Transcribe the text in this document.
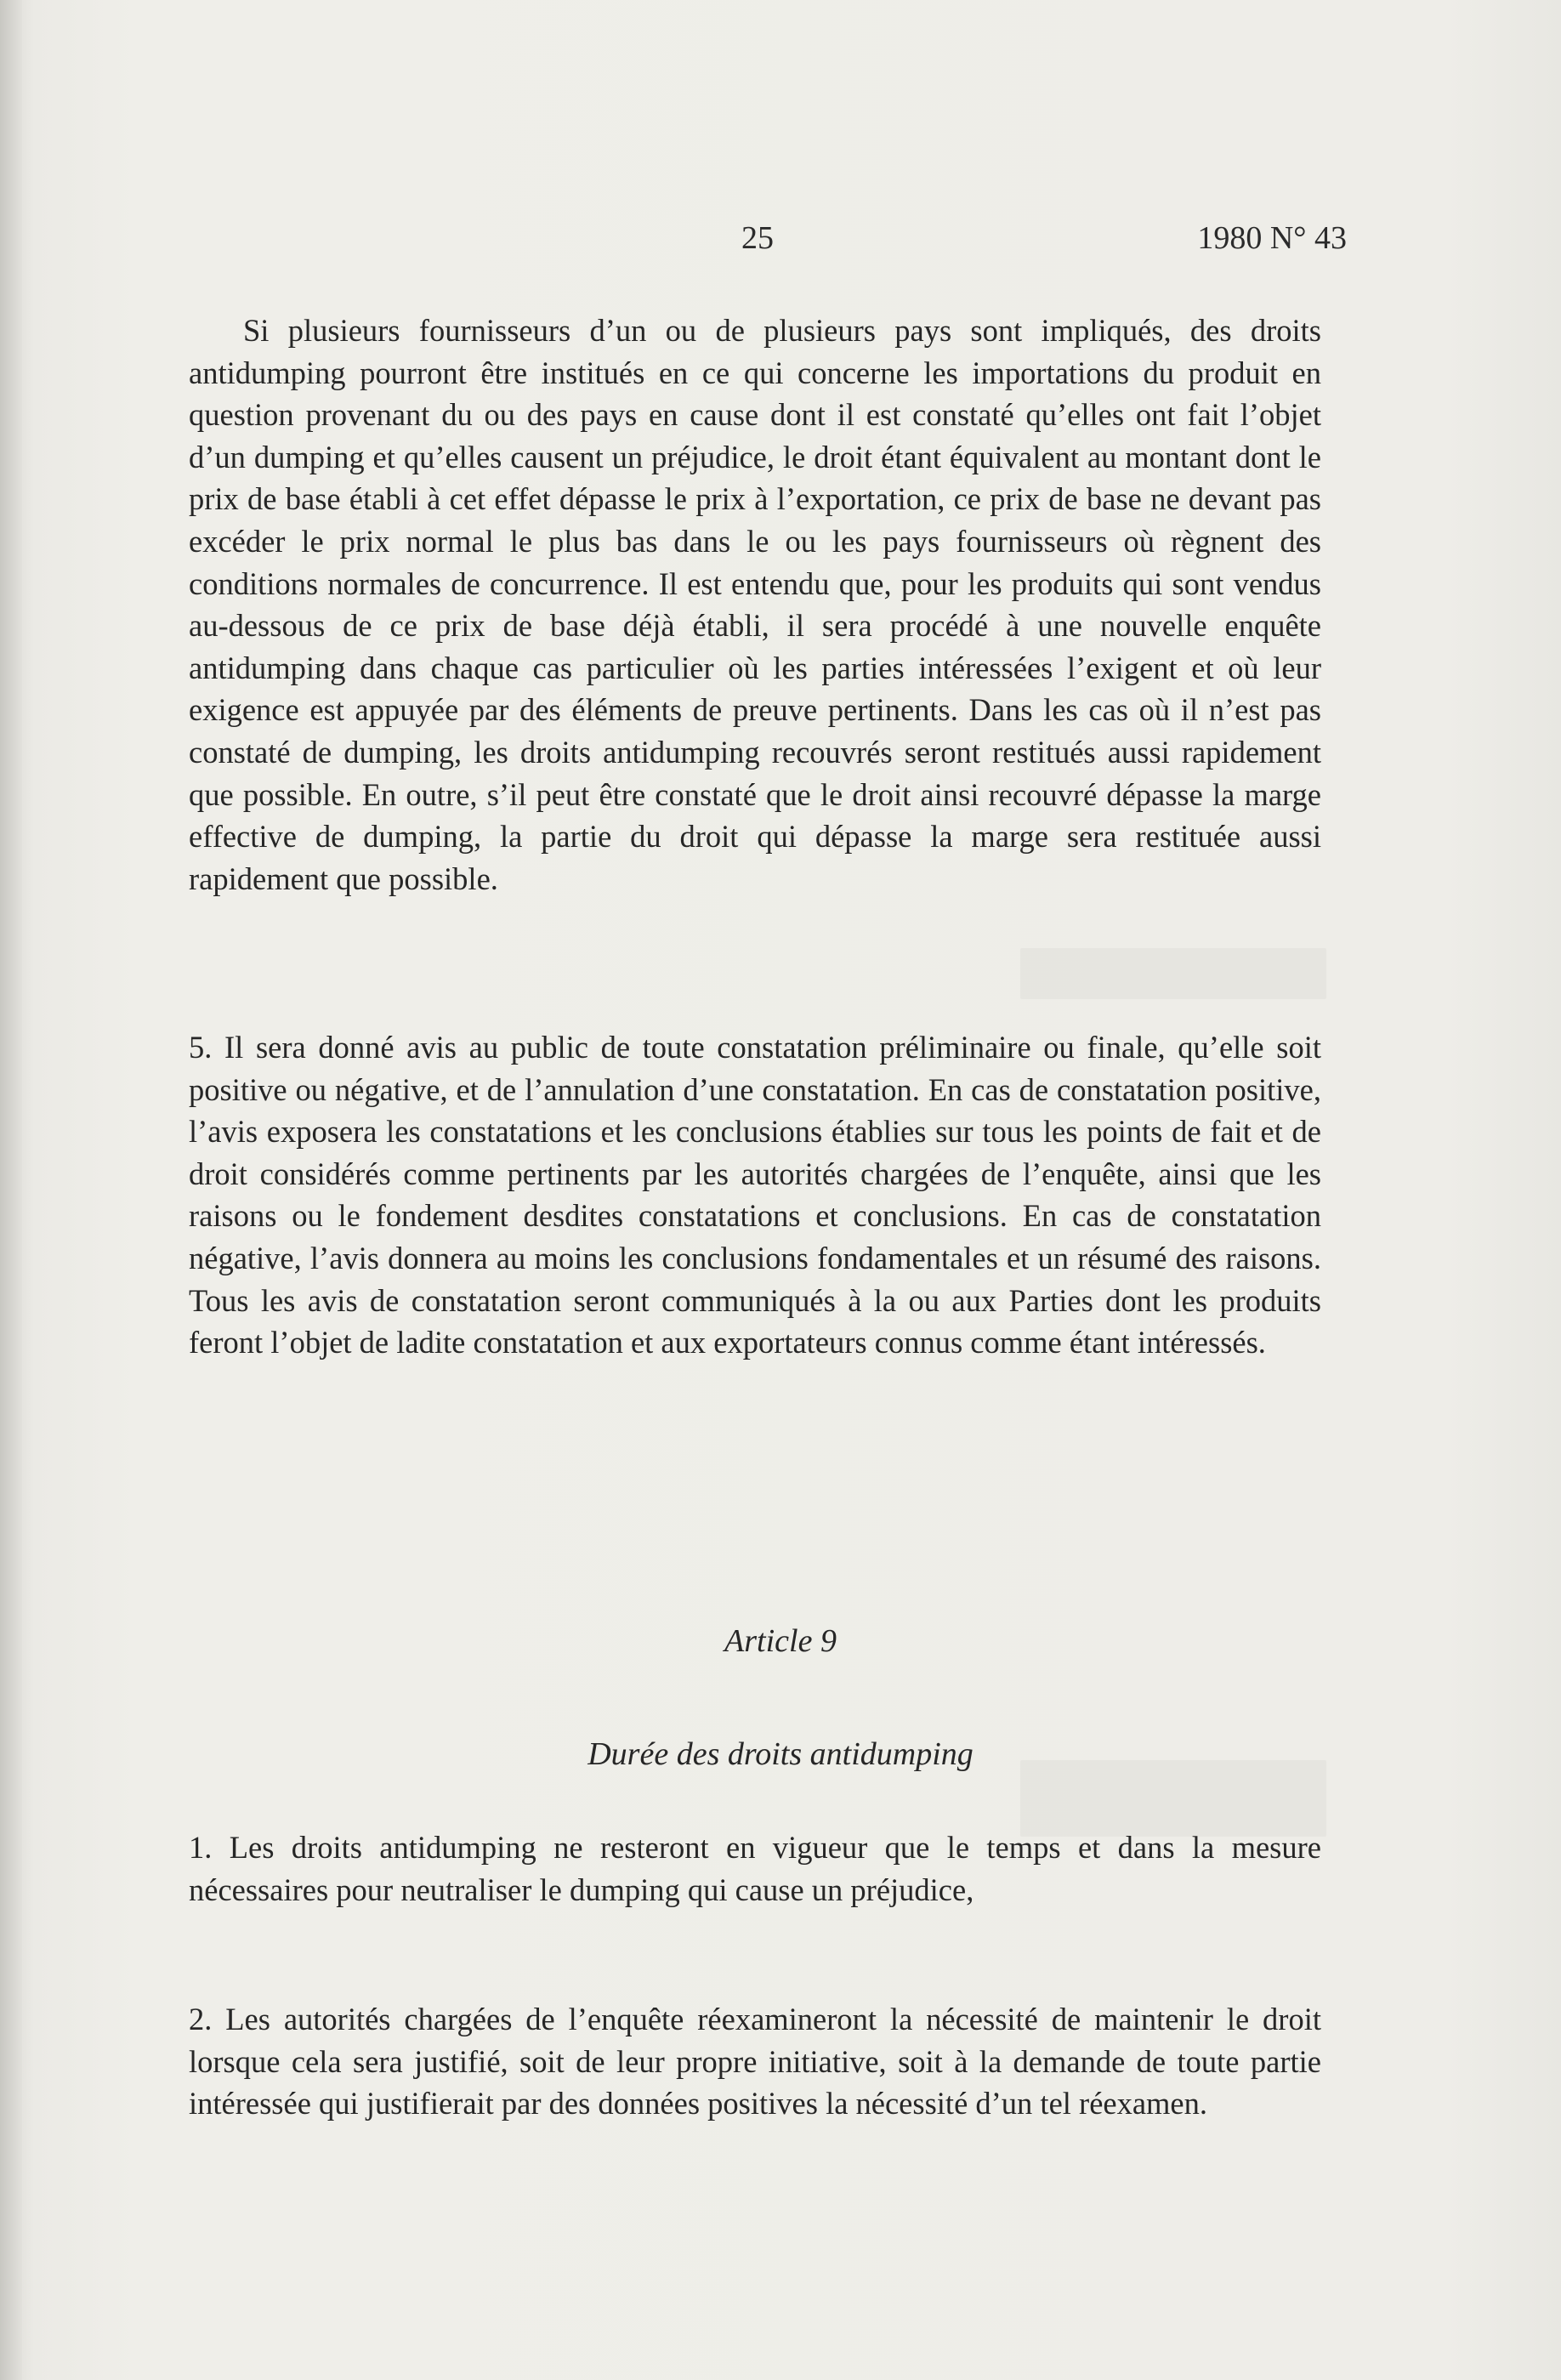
25	1980 N° 43

Si plusieurs fournisseurs d’un ou de plusieurs pays sont impliqués, des droits antidumping pourront être institués en ce qui concerne les importations du produit en question provenant du ou des pays en cause dont il est constaté qu’elles ont fait l’objet d’un dumping et qu’elles causent un préjudice, le droit étant équivalent au montant dont le prix de base établi à cet effet dépasse le prix à l’exportation, ce prix de base ne devant pas excéder le prix normal le plus bas dans le ou les pays fournisseurs où règnent des conditions normales de concurrence. Il est entendu que, pour les produits qui sont vendus au-dessous de ce prix de base déjà établi, il sera procédé à une nouvelle enquête antidumping dans chaque cas particulier où les parties intéressées l’exigent et où leur exigence est appuyée par des éléments de preuve pertinents. Dans les cas où il n’est pas constaté de dumping, les droits antidumping recouvrés seront restitués aussi rapidement que possible. En outre, s’il peut être constaté que le droit ainsi recouvré dépasse la marge effective de dumping, la partie du droit qui dépasse la marge sera restituée aussi rapidement que possible.

5. Il sera donné avis au public de toute constatation préliminaire ou finale, qu’elle soit positive ou négative, et de l’annulation d’une constatation. En cas de constatation positive, l’avis exposera les constatations et les conclusions établies sur tous les points de fait et de droit considérés comme pertinents par les autorités chargées de l’enquête, ainsi que les raisons ou le fondement desdites constatations et conclusions. En cas de constatation négative, l’avis donnera au moins les conclusions fondamentales et un résumé des raisons. Tous les avis de constatation seront communiqués à la ou aux Parties dont les produits feront l’objet de ladite constatation et aux exportateurs connus comme étant intéressés.

Article 9
Durée des droits antidumping

1. Les droits antidumping ne resteront en vigueur que le temps et dans la mesure nécessaires pour neutraliser le dumping qui cause un préjudice,

2. Les autorités chargées de l’enquête réexamineront la nécessité de maintenir le droit lorsque cela sera justifié, soit de leur propre initiative, soit à la demande de toute partie intéressée qui justifierait par des données positives la nécessité d’un tel réexamen.
